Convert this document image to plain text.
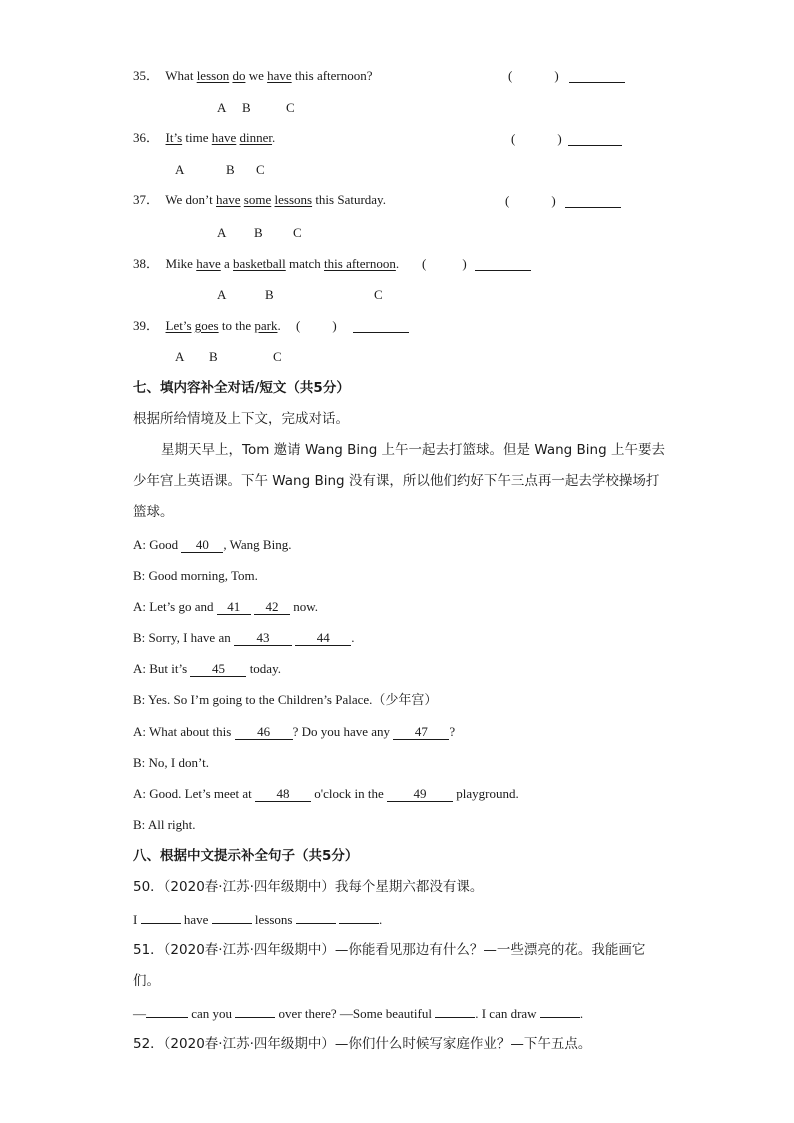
35． What lesson do we have this afternoon?	(	)
A B	C
36． It’s time have dinner.	(	)
A	B C
37． We don’t have some lessons this Saturday.	(	)
A B C
38． Mike have a basketball match this afternoon. (	)
A	B	C
39． Let’s goes to the park. ( )
A B	C
七、填内容补全对话/短文（共5分）
根据所给情境及上下文，完成对话。
星期天早上，Tom 邀请 Wang Bing 上午一起去打篮球。但是 Wang Bing 上午要去
少年宫上英语课。下午 Wang Bing 没有课，所以他们约好下午三点再一起去学校操场打
篮球。
A: Good 40 , Wang Bing.
B: Good morning, Tom.
A: Let’s go and 41 42 now.
B: Sorry, I have an 43	44 .
A: But it’s 45 today.
B: Yes. So I’m going to the Children’s Palace.（少年宫）
A: What about this 46 ? Do you have any 47 ?
B: No, I don’t.
A: Good. Let’s meet at 48 o'clock in the 49 playground.
B: All right.
八、根据中文提示补全句子（共5分）
50．（2020春·江苏·四年级期中）我每个星期六都没有课。
I	have	lessons	.
51．（2020春·江苏·四年级期中）—你能看见那边有什么？—一些漂亮的花。我能画它
们。
—	can you	over there? —Some beautiful	. I can draw	.
52．（2020春·江苏·四年级期中）—你们什么时候写家庭作业？—下午五点。
